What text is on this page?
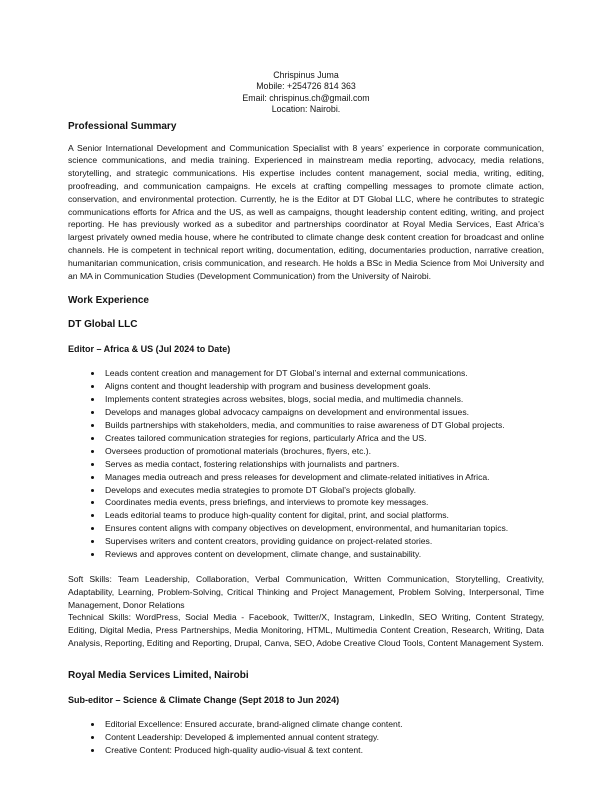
Chrispinus Juma
Mobile: +254726 814 363
Email: chrispinus.ch@gmail.com
Location: Nairobi.
Professional Summary

A Senior International Development and Communication Specialist with 8 years’ experience in corporate communication, science communications, and media training. Experienced in mainstream media reporting, advocacy, media relations, storytelling, and strategic communications. His expertise includes content management, social media, writing, editing, proofreading, and communication campaigns. He excels at crafting compelling messages to promote climate action, conservation, and environmental protection. Currently, he is the Editor at DT Global LLC, where he contributes to strategic communications efforts for Africa and the US, as well as campaigns, thought leadership content editing, writing, and project reporting. He has previously worked as a subeditor and partnerships coordinator at Royal Media Services, East Africa’s largest privately owned media house, where he contributed to climate change desk content creation for broadcast and online channels. He is competent in technical report writing, documentation, editing, documentaries production, narrative creation, humanitarian communication, crisis communication, and research. He holds a BSc in Media Science from Moi University and an MA in Communication Studies (Development Communication) from the University of Nairobi.

Work Experience
DT Global LLC
Editor – Africa & US (Jul 2024 to Date)
• Leads content creation and management for DT Global’s internal and external communications.
• Aligns content and thought leadership with program and business development goals.
• Implements content strategies across websites, blogs, social media, and multimedia channels.
• Develops and manages global advocacy campaigns on development and environmental issues.
• Builds partnerships with stakeholders, media, and communities to raise awareness of DT Global projects.
• Creates tailored communication strategies for regions, particularly Africa and the US.
• Oversees production of promotional materials (brochures, flyers, etc.).
• Serves as media contact, fostering relationships with journalists and partners.
• Manages media outreach and press releases for development and climate-related initiatives in Africa.
• Develops and executes media strategies to promote DT Global’s projects globally.
• Coordinates media events, press briefings, and interviews to promote key messages.
• Leads editorial teams to produce high-quality content for digital, print, and social platforms.
• Ensures content aligns with company objectives on development, environmental, and humanitarian topics.
• Supervises writers and content creators, providing guidance on project-related stories.
• Reviews and approves content on development, climate change, and sustainability.

Soft Skills: Team Leadership, Collaboration, Verbal Communication, Written Communication, Storytelling, Creativity, Adaptability, Learning, Problem-Solving, Critical Thinking and Project Management, Problem Solving, Interpersonal, Time Management, Donor Relations

Technical Skills: WordPress, Social Media - Facebook, Twitter/X, Instagram, LinkedIn, SEO Writing, Content Strategy, Editing, Digital Media, Press Partnerships, Media Monitoring, HTML, Multimedia Content Creation, Research, Writing, Data Analysis, Reporting, Editing and Reporting, Drupal, Canva, SEO, Adobe Creative Cloud Tools, Content Management System.

Royal Media Services Limited, Nairobi
Sub-editor – Science & Climate Change (Sept 2018 to Jun 2024)
• Editorial Excellence: Ensured accurate, brand-aligned climate change content.
• Content Leadership: Developed & implemented annual content strategy.
• Creative Content: Produced high-quality audio-visual & text content.
